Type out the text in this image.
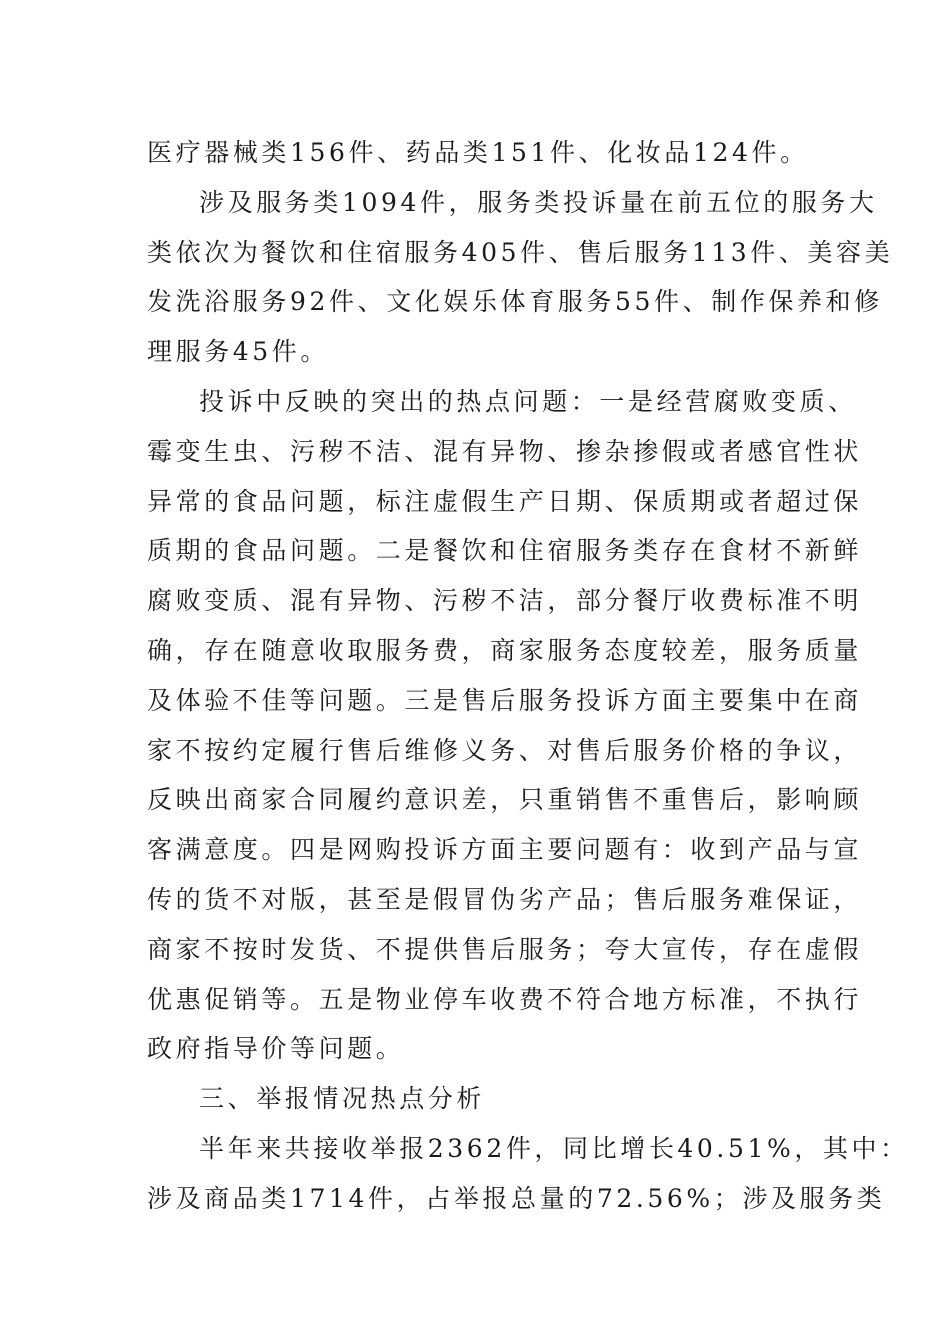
医疗器械类156件、药品类151件、化妆品124件。
涉及服务类1094件，服务类投诉量在前五位的服务大
类依次为餐饮和住宿服务405件、售后服务113件、美容美
发洗浴服务92件、文化娱乐体育服务55件、制作保养和修
理服务45件。
投诉中反映的突出的热点问题：一是经营腐败变质、
霉变生虫、污秽不洁、混有异物、掺杂掺假或者感官性状
异常的食品问题，标注虚假生产日期、保质期或者超过保
质期的食品问题。二是餐饮和住宿服务类存在食材不新鲜
腐败变质、混有异物、污秽不洁，部分餐厅收费标准不明
确，存在随意收取服务费，商家服务态度较差，服务质量
及体验不佳等问题。三是售后服务投诉方面主要集中在商
家不按约定履行售后维修义务、对售后服务价格的争议，
反映出商家合同履约意识差，只重销售不重售后，影响顾
客满意度。四是网购投诉方面主要问题有：收到产品与宣
传的货不对版，甚至是假冒伪劣产品；售后服务难保证，
商家不按时发货、不提供售后服务；夸大宣传，存在虚假
优惠促销等。五是物业停车收费不符合地方标准，不执行
政府指导价等问题。
三、举报情况热点分析
半年来共接收举报2362件，同比增长40.51%，其中：
涉及商品类1714件，占举报总量的72.56%；涉及服务类
